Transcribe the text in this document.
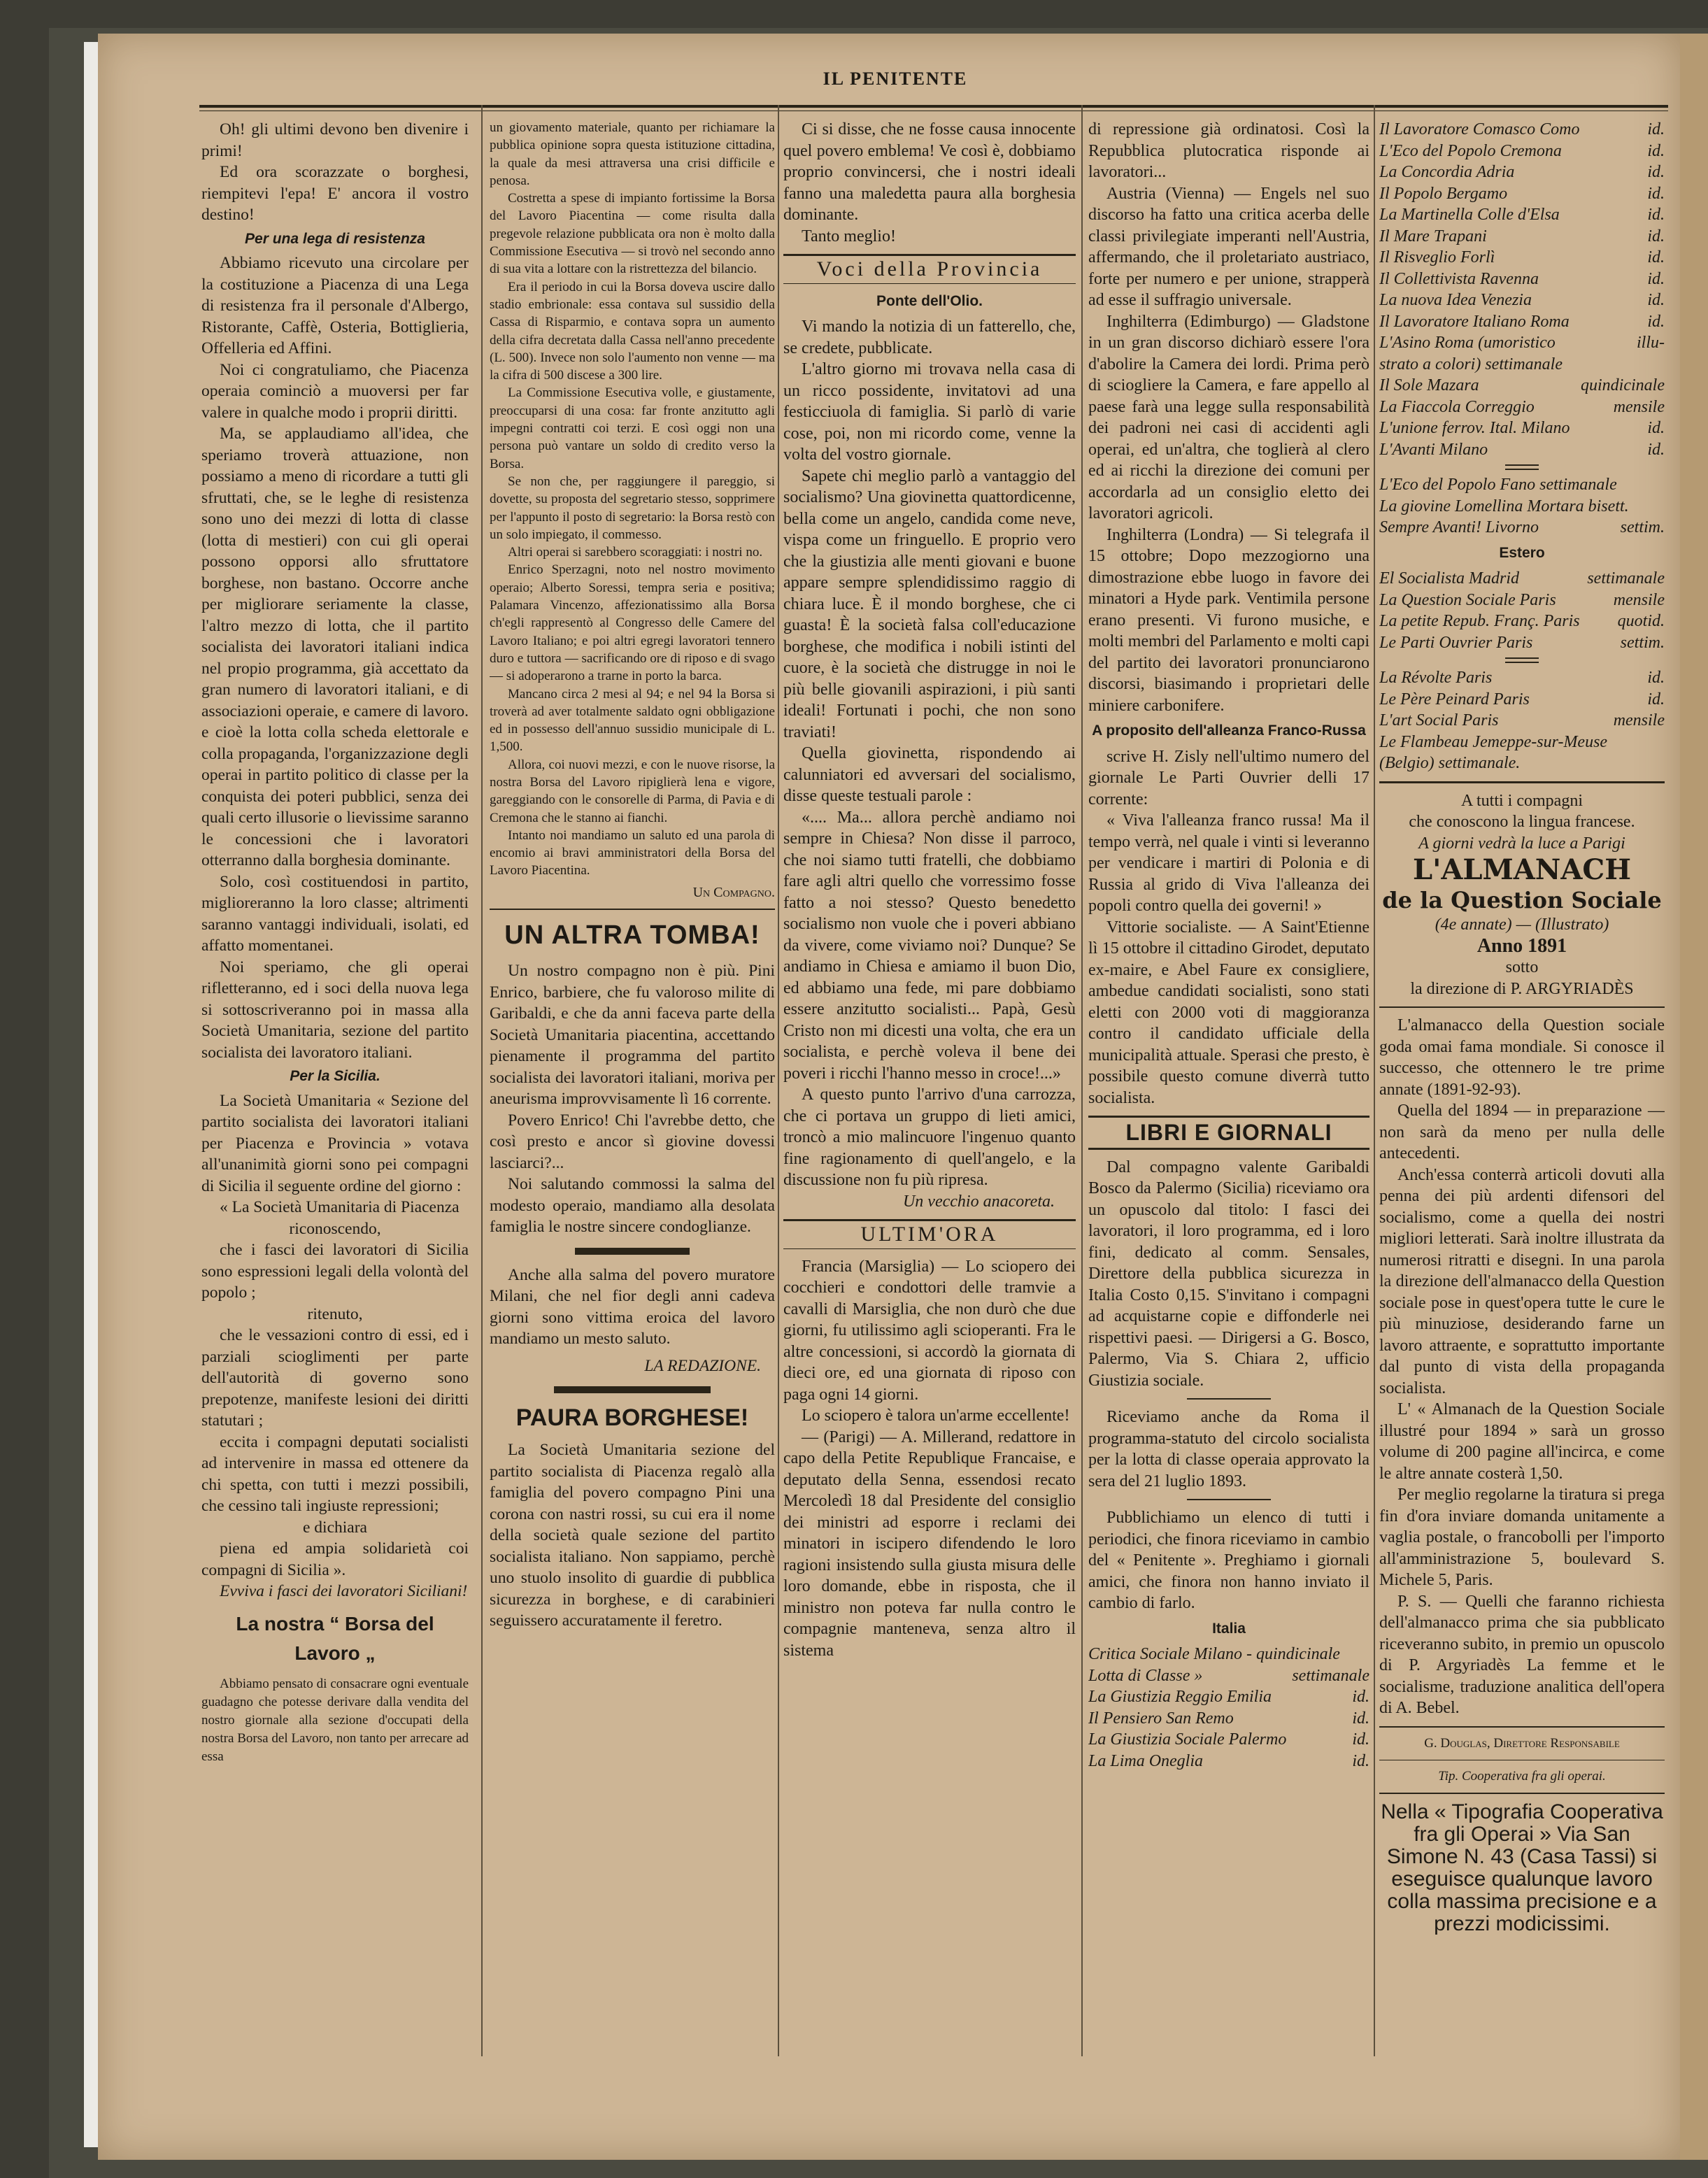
IL PENITENTE

Oh! gli ultimi devono ben divenire i primi!

Ed ora scorazzate o borghesi, riempitevi l'epa! E' ancora il vostro destino!

Per una lega di resistenza

Abbiamo ricevuto una circolare per la costituzione a Piacenza di una Lega di resistenza fra il personale d'Albergo, Ristorante, Caffè, Osteria, Bottiglieria, Offelleria ed Affini.

Noi ci congratuliamo, che Piacenza operaia cominciò a muoversi per far valere in qualche modo i proprii diritti.

Ma, se applaudiamo all'idea, che speriamo troverà attuazione, non possiamo a meno di ricordare a tutti gli sfruttati, che, se le leghe di resistenza sono uno dei mezzi di lotta di classe (lotta di mestieri) con cui gli operai possono opporsi allo sfruttatore borghese, non bastano. Occorre anche per migliorare seriamente la classe, l'altro mezzo di lotta, che il partito socialista dei lavoratori italiani indica nel propio programma, già accettato da gran numero di lavoratori italiani, e di associazioni operaie, e camere di lavoro. e cioè la lotta colla scheda elettorale e colla propaganda, l'organizzazione degli operai in partito politico di classe per la conquista dei poteri pubblici, senza dei quali certo illusorie o lievissime saranno le concessioni che i lavoratori otterranno dalla borghesia dominante.

Solo, così costituendosi in partito, miglioreranno la loro classe; altrimenti saranno vantaggi individuali, isolati, ed affatto momentanei.

Noi speriamo, che gli operai rifletteranno, ed i soci della nuova lega si sottoscriveranno poi in massa alla Società Umanitaria, sezione del partito socialista dei lavoratoro italiani.

Per la Sicilia.

La Società Umanitaria « Sezione del partito socialista dei lavoratori italiani per Piacenza e Provincia » votava all'unanimità giorni sono pei compagni di Sicilia il seguente ordine del giorno :

« La Società Umanitaria di Piacenza

riconoscendo,

che i fasci dei lavoratori di Sicilia sono espressioni legali della volontà del popolo ;

ritenuto,

che le vessazioni contro di essi, ed i parziali scioglimenti per parte dell'autorità di governo sono prepotenze, manifeste lesioni dei diritti statutari ;

eccita i compagni deputati socialisti ad intervenire in massa ed ottenere da chi spetta, con tutti i mezzi possibili, che cessino tali ingiuste repressioni;

e dichiara

piena ed ampia solidarietà coi compagni di Sicilia ».

Evviva i fasci dei lavoratori Siciliani!

La nostra “ Borsa del Lavoro „

Abbiamo pensato di consacrare ogni eventuale guadagno che potesse derivare dalla vendita del nostro giornale alla sezione d'occupati della nostra Borsa del Lavoro, non tanto per arrecare ad essa

un giovamento materiale, quanto per richiamare la pubblica opinione sopra questa istituzione cittadina, la quale da mesi attraversa una crisi difficile e penosa.

Costretta a spese di impianto fortissime la Borsa del Lavoro Piacentina — come risulta dalla pregevole relazione pubblicata ora non è molto dalla Commissione Esecutiva — si trovò nel secondo anno di sua vita a lottare con la ristrettezza del bilancio.

Era il periodo in cui la Borsa doveva uscire dallo stadio embrionale: essa contava sul sussidio della Cassa di Risparmio, e contava sopra un aumento della cifra decretata dalla Cassa nell'anno precedente (L. 500). Invece non solo l'aumento non venne — ma la cifra di 500 discese a 300 lire.

La Commissione Esecutiva volle, e giustamente, preoccuparsi di una cosa: far fronte anzitutto agli impegni contratti coi terzi. E così oggi non una persona può vantare un soldo di credito verso la Borsa.

Se non che, per raggiungere il pareggio, si dovette, su proposta del segretario stesso, sopprimere per l'appunto il posto di segretario: la Borsa restò con un solo impiegato, il commesso.

Altri operai si sarebbero scoraggiati: i nostri no.

Enrico Sperzagni, noto nel nostro movimento operaio; Alberto Soressi, tempra seria e positiva; Palamara Vincenzo, affezionatissimo alla Borsa ch'egli rappresentò al Congresso delle Camere del Lavoro Italiano; e poi altri egregi lavoratori tennero duro e tuttora — sacrificando ore di riposo e di svago — si adoperarono a trarne in porto la barca.

Mancano circa 2 mesi al 94; e nel 94 la Borsa si troverà ad aver totalmente saldato ogni obbligazione ed in possesso dell'annuo sussidio municipale di L. 1,500.

Allora, coi nuovi mezzi, e con le nuove risorse, la nostra Borsa del Lavoro ripiglierà lena e vigore, gareggiando con le consorelle di Parma, di Pavia e di Cremona che le stanno ai fianchi.

Intanto noi mandiamo un saluto ed una parola di encomio ai bravi amministratori della Borsa del Lavoro Piacentina.

Un Compagno.
UN ALTRA TOMBA!

Un nostro compagno non è più. Pini Enrico, barbiere, che fu valoroso milite di Garibaldi, e che da anni faceva parte della Società Umanitaria piacentina, accettando pienamente il programma del partito socialista dei lavoratori italiani, moriva per aneurisma improvvisamente lì 16 corrente.

Povero Enrico! Chi l'avrebbe detto, che così presto e ancor sì giovine dovessi lasciarci?...

Noi salutando commossi la salma del modesto operaio, mandiamo alla desolata famiglia le nostre sincere condoglianze.

Anche alla salma del povero muratore Milani, che nel fior degli anni cadeva giorni sono vittima eroica del lavoro mandiamo un mesto saluto.

LA REDAZIONE.

PAURA BORGHESE!

La Società Umanitaria sezione del partito socialista di Piacenza regalò alla famiglia del povero compagno Pini una corona con nastri rossi, su cui era il nome della società quale sezione del partito socialista italiano. Non sappiamo, perchè uno stuolo insolito di guardie di pubblica sicurezza in borghese, e di carabinieri seguissero accuratamente il feretro.

Ci si disse, che ne fosse causa innocente quel povero emblema! Ve così è, dobbiamo proprio convincersi, che i nostri ideali fanno una maledetta paura alla borghesia dominante.

Tanto meglio!

Voci della Provincia
Ponte dell'Olio.

Vi mando la notizia di un fatterello, che, se credete, pubblicate.

L'altro giorno mi trovava nella casa di un ricco possidente, invitatovi ad una festicciuola di famiglia. Si parlò di varie cose, poi, non mi ricordo come, venne la volta del vostro giornale.

Sapete chi meglio parlò a vantaggio del socialismo? Una giovinetta quattordicenne, bella come un angelo, candida come neve, vispa come un fringuello. E proprio vero che la giustizia alle menti giovani e buone appare sempre splendidissimo raggio di chiara luce. È il mondo borghese, che ci guasta! È la società falsa coll'educazione borghese, che modifica i nobili istinti del cuore, è la società che distrugge in noi le più belle giovanili aspirazioni, i più santi ideali! Fortunati i pochi, che non sono traviati!

Quella giovinetta, rispondendo ai calunniatori ed avversari del socialismo, disse queste testuali parole :

«.... Ma... allora perchè andiamo noi sempre in Chiesa? Non disse il parroco, che noi siamo tutti fratelli, che dobbiamo fare agli altri quello che vorressimo fosse fatto a noi stesso? Questo benedetto socialismo non vuole che i poveri abbiano da vivere, come viviamo noi? Dunque? Se andiamo in Chiesa e amiamo il buon Dio, ed abbiamo una fede, mi pare dobbiamo essere anzitutto socialisti... Papà, Gesù Cristo non mi dicesti una volta, che era un socialista, e perchè voleva il bene dei poveri i ricchi l'hanno messo in croce!...»

A questo punto l'arrivo d'una carrozza, che ci portava un gruppo di lieti amici, troncò a mio malincuore l'ingenuo quanto fine ragionamento di quell'angelo, e la discussione non fu più ripresa.

Un vecchio anacoreta.

ULTIM'ORA

Francia (Marsiglia) — Lo sciopero dei cocchieri e condottori delle tramvie a cavalli di Marsiglia, che non durò che due giorni, fu utilissimo agli scioperanti. Fra le altre concessioni, si accordò la giornata di dieci ore, ed una giornata di riposo con paga ogni 14 giorni.

Lo sciopero è talora un'arme eccellente!

— (Parigi) — A. Millerand, redattore in capo della Petite Republique Francaise, e deputato della Senna, essendosi recato Mercoledì 18 dal Presidente del consiglio dei ministri ad esporre i reclami dei minatori in iscipero difendendo le loro ragioni insistendo sulla giusta misura delle loro domande, ebbe in risposta, che il ministro non poteva far nulla contro le compagnie manteneva, senza altro il sistema

di repressione già ordinatosi. Così la Repubblica plutocratica risponde ai lavoratori...

Austria (Vienna) — Engels nel suo discorso ha fatto una critica acerba delle classi privilegiate imperanti nell'Austria, affermando, che il proletariato austriaco, forte per numero e per unione, strapperà ad esse il suffragio universale.

Inghilterra (Edimburgo) — Gladstone in un gran discorso dichiarò essere l'ora d'abolire la Camera dei lordi. Prima però di sciogliere la Camera, e fare appello al paese farà una legge sulla responsabilità dei padroni nei casi di accidenti agli operai, ed un'altra, che toglierà al clero ed ai ricchi la direzione dei comuni per accordarla ad un consiglio eletto dei lavoratori agricoli.

Inghilterra (Londra) — Si telegrafa il 15 ottobre; Dopo mezzogiorno una dimostrazione ebbe luogo in favore dei minatori a Hyde park. Ventimila persone erano presenti. Vi furono musiche, e molti membri del Parlamento e molti capi del partito dei lavoratori pronunciarono discorsi, biasimando i proprietari delle miniere carbonifere.

A proposito dell'alleanza Franco-Russa

scrive H. Zisly nell'ultimo numero del giornale Le Parti Ouvrier delli 17 corrente:

« Viva l'alleanza franco russa! Ma il tempo verrà, nel quale i vinti si leveranno per vendicare i martiri di Polonia e di Russia al grido di Viva l'alleanza dei popoli contro quella dei governi! »

Vittorie socialiste. — A Saint'Etienne lì 15 ottobre il cittadino Girodet, deputato ex-maire, e Abel Faure ex consigliere, ambedue candidati socialisti, sono stati eletti con 2000 voti di maggioranza contro il candidato ufficiale della municipalità attuale. Sperasi che presto, è possibile questo comune diverrà tutto socialista.

LIBRI E GIORNALI

Dal compagno valente Garibaldi Bosco da Palermo (Sicilia) riceviamo ora un opuscolo dal titolo: I fasci dei lavoratori, il loro programma, ed i loro fini, dedicato al comm. Sensales, Direttore della pubblica sicurezza in Italia Costo 0,15. S'invitano i compagni ad acquistarne copie e diffonderle nei rispettivi paesi. — Dirigersi a G. Bosco, Palermo, Via S. Chiara 2, ufficio Giustizia sociale.

Riceviamo anche da Roma il programma-statuto del circolo socialista per la lotta di classe operaia approvato la sera del 21 luglio 1893.

Pubblichiamo un elenco di tutti i periodici, che finora riceviamo in cambio del « Penitente ». Preghiamo i giornali amici, che finora non hanno inviato il cambio di farlo.

Italia
Critica Sociale Milano - quindicinale
Lotta di Classe »	settimanale
La Giustizia Reggio Emilia	id.
Il Pensiero San Remo	id.
La Giustizia Sociale Palermo	id.
La Lima Oneglia	id.
Il Lavoratore Comasco Como	id.
L'Eco del Popolo Cremona	id.
La Concordia Adria	id.
Il Popolo Bergamo	id.
La Martinella Colle d'Elsa	id.
Il Mare Trapani	id.
Il Risveglio Forlì	id.
Il Collettivista Ravenna	id.
La nuova Idea Venezia	id.
Il Lavoratore Italiano Roma	id.
L'Asino Roma (umoristico	illu-
strato a colori) settimanale
Il Sole Mazara	quindicinale
La Fiaccola Correggio	mensile
L'unione ferrov. Ital. Milano	id.
L'Avanti Milano	id.
L'Eco del Popolo Fano settimanale
La giovine Lomellina Mortara bisett.
Sempre Avanti! Livorno	settim.
Estero
El Socialista Madrid	settimanale
La Question Sociale Paris	mensile
La petite Repub. Franç. Paris quotid.
Le Parti Ouvrier Paris	settim.
La Révolte Paris	id.
Le Père Peinard Paris	id.
L'art Social Paris	mensile
Le Flambeau Jemeppe-sur-Meuse
(Belgio) settimanale.

A tutti i compagni

che conoscono la lingua francese.

A giorni vedrà la luce a Parigi

L'ALMANACH
de la Question Sociale

(4e annate) — (Illustrato)

Anno 1891

sotto

la direzione di P. ARGYRIADÈS

L'almanacco della Question sociale goda omai fama mondiale. Si conosce il successo, che ottennero le tre prime annate (1891-92-93).

Quella del 1894 — in preparazione — non sarà da meno per nulla delle antecedenti.

Anch'essa conterrà articoli dovuti alla penna dei più ardenti difensori del socialismo, come a quella dei nostri migliori letterati. Sarà inoltre illustrata da numerosi ritratti e disegni. In una parola la direzione dell'almanacco della Question sociale pose in quest'opera tutte le cure le più minuziose, desiderando farne un lavoro attraente, e soprattutto importante dal punto di vista della propaganda socialista.

L' « Almanach de la Question Sociale illustré pour 1894 » sarà un grosso volume di 200 pagine all'incirca, e come le altre annate costerà 1,50.

Per meglio regolarne la tiratura si prega fin d'ora inviare domanda unitamente a vaglia postale, o francobolli per l'importo all'amministrazione 5, boulevard S. Michele 5, Paris.

P. S. — Quelli che faranno richiesta dell'almanacco prima che sia pubblicato riceveranno subito, in premio un opuscolo di P. Argyriadès La femme et le socialisme, traduzione analitica dell'opera di A. Bebel.

G. Douglas, Direttore Responsabile

Tip. Cooperativa fra gli operai.

Nella « Tipografia Cooperativa fra gli Operai » Via San Simone N. 43 (Casa Tassi) si eseguisce qualunque lavoro colla massima precisione e a prezzi modicissimi.
